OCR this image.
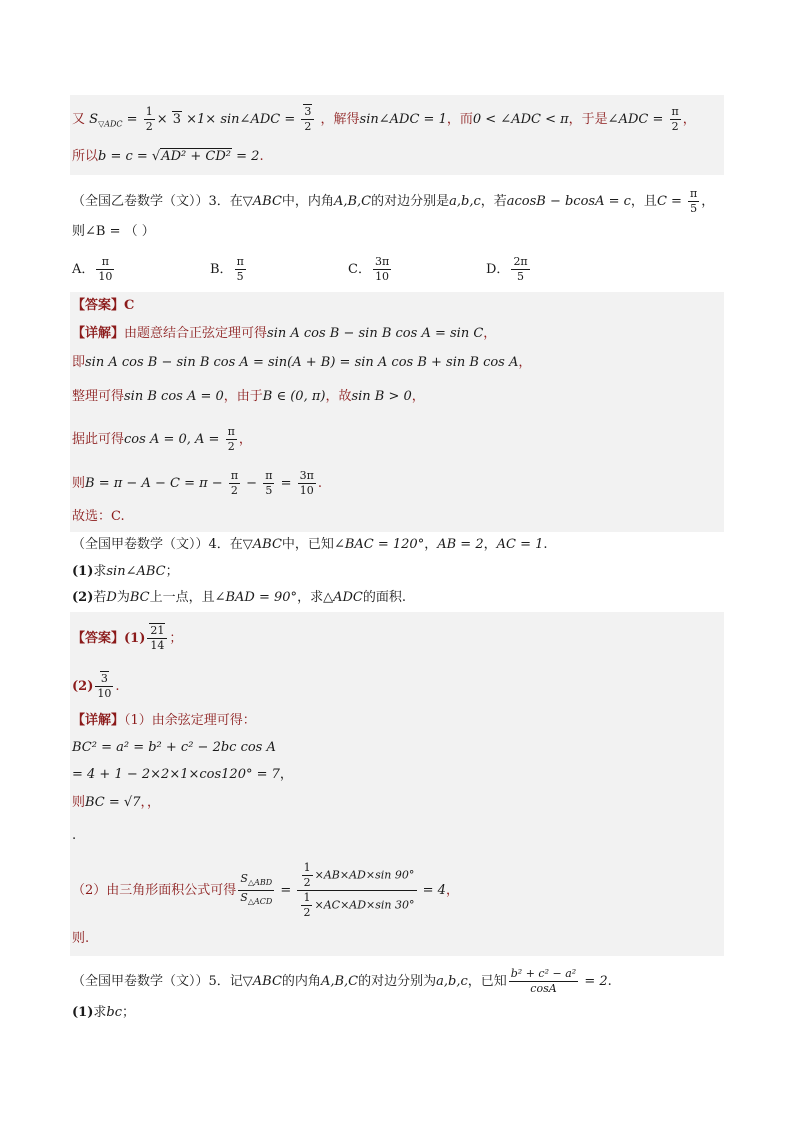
又 $S_{▽ADC} = \frac{1}{2} \times 3 \times 1\times$ sin∠ADC = $\frac{3}{2}$ ，解得sin∠ADC = 1，而0 < ∠ADC < π，于是∠ADC = $\frac{\pi}{2}$ ，
所以b = c = √AD² + CD² = 2.
（全国乙卷数学（文））3．在▽ABC中，内角A,B,C的对边分别是a,b,c，若acosB − bcosA = c，且$C = \frac{\pi}{5}$ ，
则∠B = （ ）
A． $\frac{\pi}{10}$	B． $\frac{\pi}{5}$	C． $\frac{3\pi}{10}$	D． $\frac{2\pi}{5}$
【答案】C
【详解】由题意结合正弦定理可得sin A cos B − sin B cos A = sin C，
即sin A cos B − sin B cos A = sin(A + B) = sin A cos B + sin B cos A，
整理可得sin B cos A = 0，由于B ∈ (0, π)，故sin B > 0，
据此可得cos A = 0, $A = \frac{\pi}{2}$ ，
则$B = \pi - A - C = \pi - \frac{\pi}{2} - \frac{\pi}{5} = \frac{3\pi}{10}$ .
故选：C.
（全国甲卷数学（文））4．在▽ABC中，已知∠BAC = 120°，AB = 2，AC = 1.
(1)求sin∠ABC；
(2)若D为BC上一点，且∠BAD = 90°，求△ADC的面积.
【答案】$(1) \frac{21}{14}$ ；
$(2) \frac{3}{10}$ .
【详解】（1）由余弦定理可得：
BC² = a² = b² + c² − 2bc cos A
= 4 + 1 − 2×2×1×cos120° = 7，
则BC = √7，，
.
（2）由三角形面积公式可得 $\frac{S_{\triangle ABD}}{S_{\triangle ACD}} = \frac{\frac{1}{2} \times AB\times AD\times\sin 90^\circ}{\frac{1}{2} \times AC\times AD\times\sin 30^\circ} = 4$，
则.
（全国甲卷数学（文））5．记▽ABC的内角A,B,C的对边分别为a,b,c，已知 $\frac{\text{b² + c² − a²}}{\cos A} = 2$.
(1)求bc；
